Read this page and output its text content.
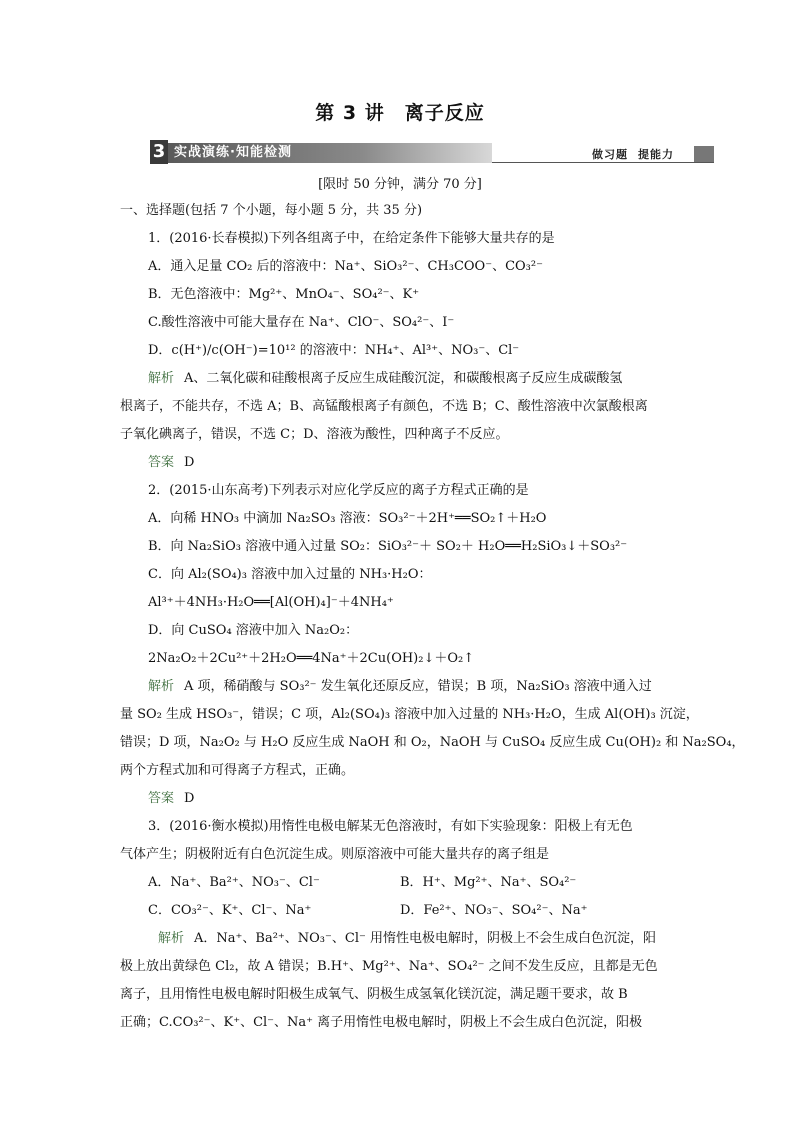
第 3 讲　离子反应
3 实战演练·知能检测	做习题 提能力
[限时 50 分钟，满分 70 分]
一、选择题(包括 7 个小题，每小题 5 分，共 35 分)
1．(2016·长春模拟)下列各组离子中，在给定条件下能够大量共存的是
A．通入足量 CO₂ 后的溶液中：Na⁺、SiO₃²⁻、CH₃COO⁻、CO₃²⁻
B．无色溶液中：Mg²⁺、MnO₄⁻、SO₄²⁻、K⁺
C.酸性溶液中可能大量存在 Na⁺、ClO⁻、SO₄²⁻、I⁻
D．c(H⁺)/c(OH⁻)=10¹² 的溶液中：NH₄⁺、Al³⁺、NO₃⁻、Cl⁻
解析 A、二氧化碳和硅酸根离子反应生成硅酸沉淀，和碳酸根离子反应生成碳酸氢
根离子，不能共存，不选 A；B、高锰酸根离子有颜色，不选 B；C、酸性溶液中次氯酸根离
子氧化碘离子，错误，不选 C；D、溶液为酸性，四种离子不反应。
答案 D
2．(2015·山东高考)下列表示对应化学反应的离子方程式正确的是
A．向稀 HNO₃ 中滴加 Na₂SO₃ 溶液：SO₃²⁻＋2H⁺══SO₂↑＋H₂O
B．向 Na₂SiO₃ 溶液中通入过量 SO₂：SiO₃²⁻＋ SO₂＋ H₂O══H₂SiO₃↓＋SO₃²⁻
C．向 Al₂(SO₄)₃ 溶液中加入过量的 NH₃·H₂O：
Al³⁺＋4NH₃·H₂O══[Al(OH)₄]⁻＋4NH₄⁺
D．向 CuSO₄ 溶液中加入 Na₂O₂：
2Na₂O₂＋2Cu²⁺＋2H₂O══4Na⁺＋2Cu(OH)₂↓＋O₂↑
解析 A 项，稀硝酸与 SO₃²⁻ 发生氧化还原反应，错误；B 项，Na₂SiO₃ 溶液中通入过
量 SO₂ 生成 HSO₃⁻，错误；C 项，Al₂(SO₄)₃ 溶液中加入过量的 NH₃·H₂O，生成 Al(OH)₃ 沉淀，
错误；D 项，Na₂O₂ 与 H₂O 反应生成 NaOH 和 O₂，NaOH 与 CuSO₄ 反应生成 Cu(OH)₂ 和 Na₂SO₄，
两个方程式加和可得离子方程式，正确。
答案 D
3．(2016·衡水模拟)用惰性电极电解某无色溶液时，有如下实验现象：阳极上有无色
气体产生；阴极附近有白色沉淀生成。则原溶液中可能大量共存的离子组是
A．Na⁺、Ba²⁺、NO₃⁻、Cl⁻	B．H⁺、Mg²⁺、Na⁺、SO₄²⁻
C．CO₃²⁻、K⁺、Cl⁻、Na⁺	D．Fe²⁺、NO₃⁻、SO₄²⁻、Na⁺
解析 A．Na⁺、Ba²⁺、NO₃⁻、Cl⁻ 用惰性电极电解时，阴极上不会生成白色沉淀，阳
极上放出黄绿色 Cl₂，故 A 错误；B.H⁺、Mg²⁺、Na⁺、SO₄²⁻ 之间不发生反应，且都是无色
离子，且用惰性电极电解时阳极生成氧气、阴极生成氢氧化镁沉淀，满足题干要求，故 B
正确；C.CO₃²⁻、K⁺、Cl⁻、Na⁺ 离子用惰性电极电解时，阴极上不会生成白色沉淀，阳极
